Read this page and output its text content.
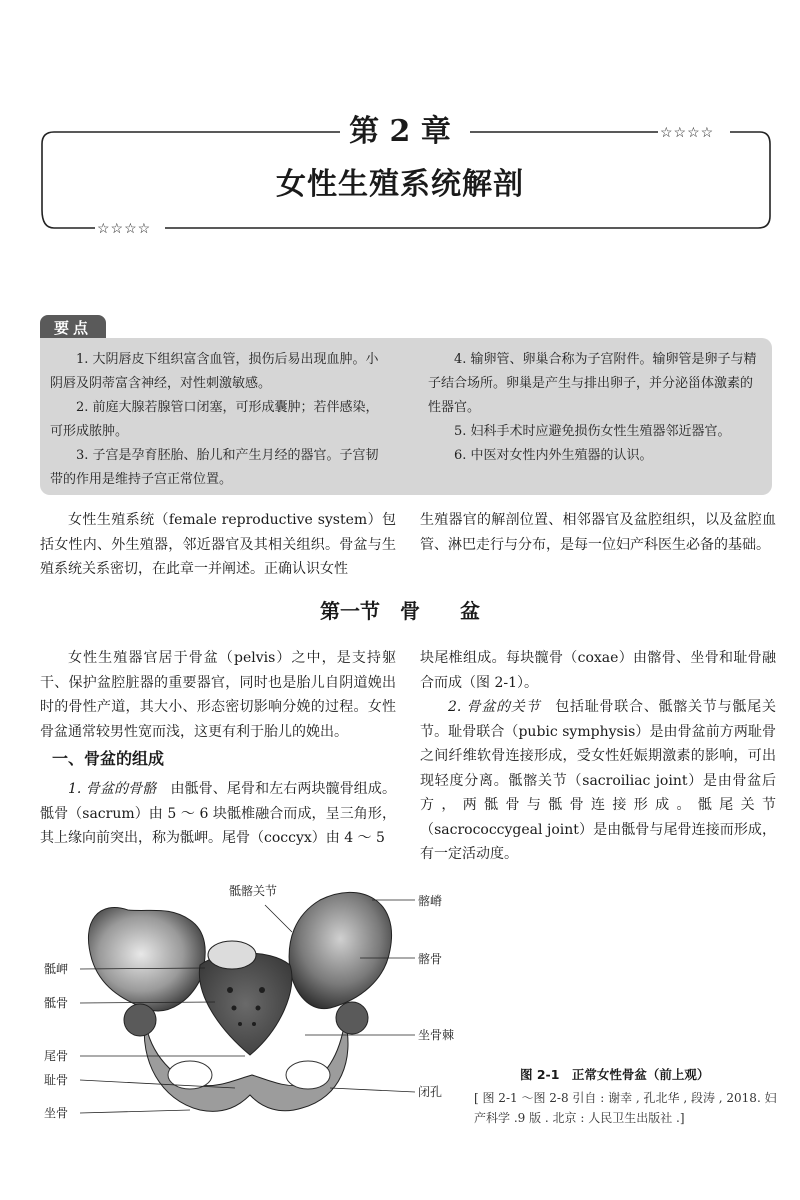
第 2 章	☆☆☆☆
女性生殖系统解剖
☆☆☆☆
要点

1. 大阴唇皮下组织富含血管，损伤后易出现血肿。小阴唇及阴蒂富含神经，对性刺激敏感。

2. 前庭大腺若腺管口闭塞，可形成囊肿；若伴感染，可形成脓肿。

3. 子宫是孕育胚胎、胎儿和产生月经的器官。子宫韧带的作用是维持子宫正常位置。

4. 输卵管、卵巢合称为子宫附件。输卵管是卵子与精子结合场所。卵巢是产生与排出卵子，并分泌甾体激素的性器官。

5. 妇科手术时应避免损伤女性生殖器邻近器官。

6. 中医对女性内外生殖器的认识。

女性生殖系统（female reproductive system）包括女性内、外生殖器，邻近器官及其相关组织。骨盆与生殖系统关系密切，在此章一并阐述。正确认识女性

生殖器官的解剖位置、相邻器官及盆腔组织，以及盆腔血管、淋巴走行与分布，是每一位妇产科医生必备的基础。

第一节　骨　　盆

女性生殖器官居于骨盆（pelvis）之中，是支持躯干、保护盆腔脏器的重要器官，同时也是胎儿自阴道娩出时的骨性产道，其大小、形态密切影响分娩的过程。女性骨盆通常较男性宽而浅，这更有利于胎儿的娩出。

一、骨盆的组成

1. 骨盆的骨骼　由骶骨、尾骨和左右两块髋骨组成。骶骨（sacrum）由 5 ～ 6 块骶椎融合而成，呈三角形，其上缘向前突出，称为骶岬。尾骨（coccyx）由 4 ～ 5

块尾椎组成。每块髋骨（coxae）由髂骨、坐骨和耻骨融合而成（图 2-1）。

2. 骨盆的关节　包括耻骨联合、骶髂关节与骶尾关节。耻骨联合（pubic symphysis）是由骨盆前方两耻骨之间纤维软骨连接形成，受女性妊娠期激素的影响，可出现轻度分离。骶髂关节（sacroiliac joint）是由骨盆后方，两骶骨与骶骨连接形成。骶尾关节（sacrococcygeal joint）是由骶骨与尾骨连接而形成，有一定活动度。

骶髂关节
髂嵴
骶岬
髂骨
骶骨
坐骨棘
尾骨
耻骨
闭孔
坐骨
图 2-1　正常女性骨盆（前上观）
[ 图 2-1 ～图 2-8 引自 : 谢幸 , 孔北华 , 段涛 , 2018. 妇产科学 .9 版 . 北京 : 人民卫生出版社 .]
